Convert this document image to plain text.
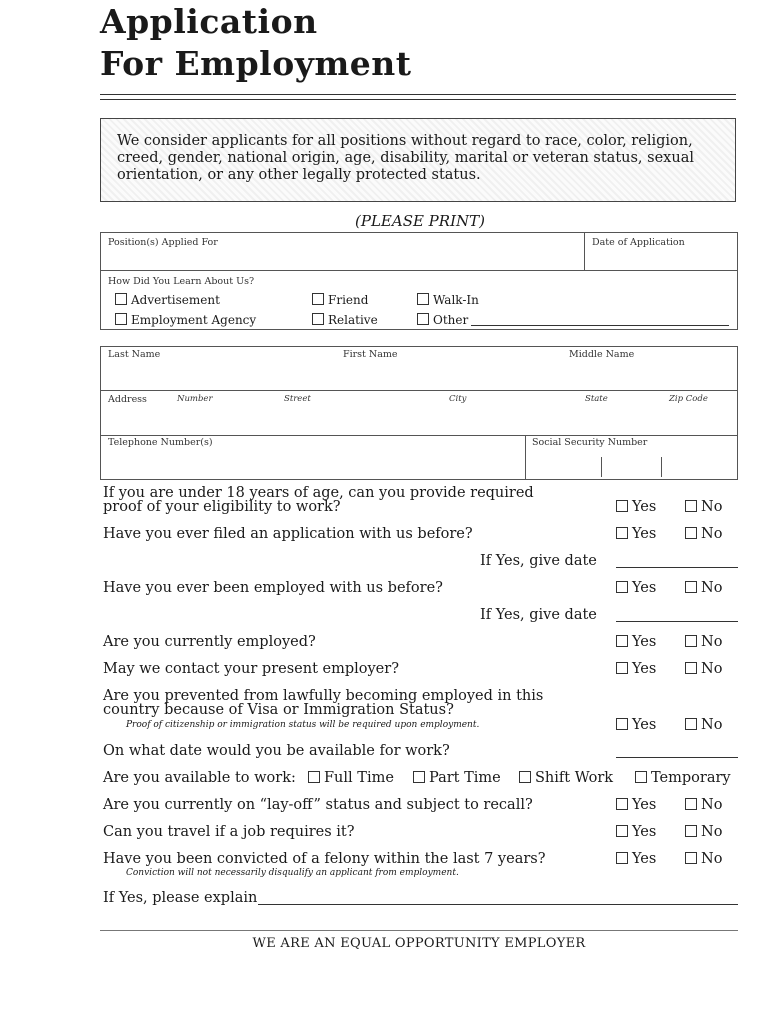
Application
For Employment

We consider applicants for all positions without regard to race, color, religion, creed, gender, national origin, age, disability, marital or veteran status, sexual orientation, or any other legally protected status.

(PLEASE PRINT)
Position(s) Applied For	Date of Application
How Did You Learn About Us?
Advertisement	Friend	Walk-In
Employment Agency	Relative	Other
Last Name	First Name	Middle Name
Address	Number	Street	City	State	Zip Code
Telephone Number(s)	Social Security Number
If you are under 18 years of age, can you provide required
proof of your eligibility to work?	Yes	No
Have you ever filed an application with us before?	Yes	No
If Yes, give date
Have you ever been employed with us before?	Yes	No
If Yes, give date
Are you currently employed?	Yes	No
May we contact your present employer?	Yes	No
Are you prevented from lawfully becoming employed in this
country because of Visa or Immigration Status?
Proof of citizenship or immigration status will be required upon employment.	Yes	No
On what date would you be available for work?
Are you available to work:	Full Time	Part Time	Shift Work	Temporary
Are you currently on “lay-off” status and subject to recall?	Yes	No
Can you travel if a job requires it?	Yes	No
Have you been convicted of a felony within the last 7 years?
Conviction will not necessarily disqualify an applicant from employment.
Yes	No
If Yes, please explain
WE ARE AN EQUAL OPPORTUNITY EMPLOYER
